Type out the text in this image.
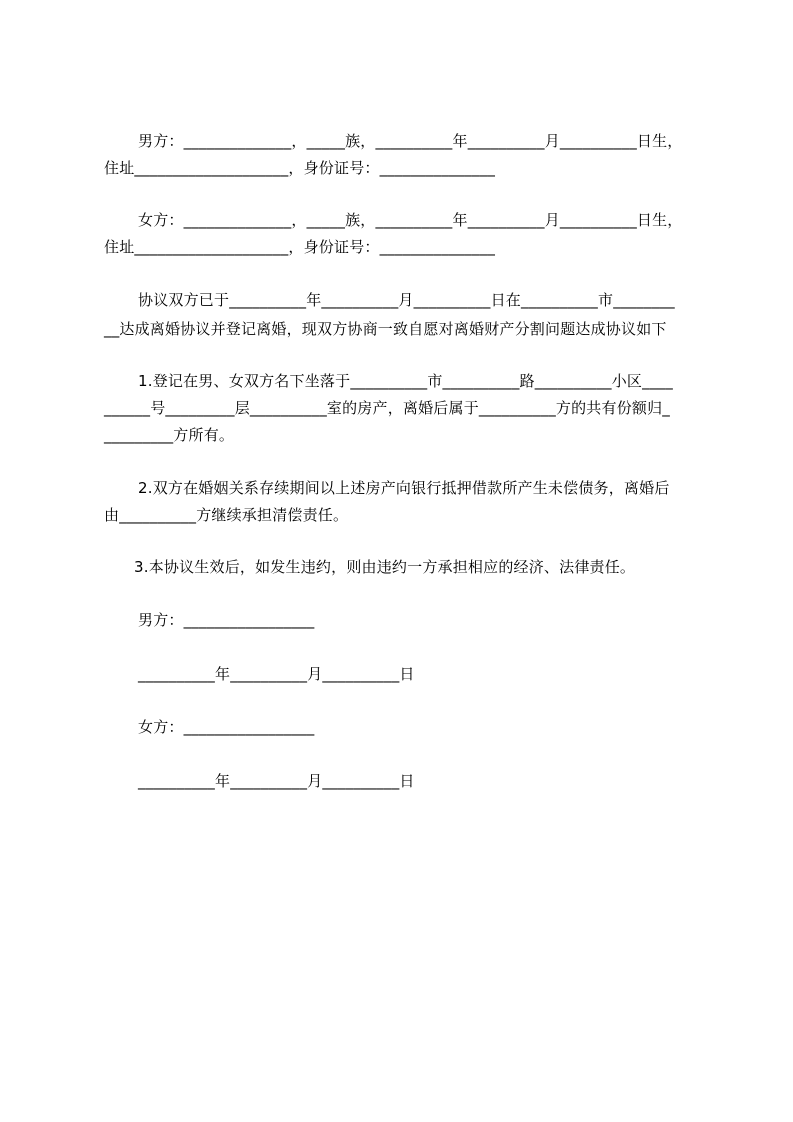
男方：______________，_____族，__________年__________月__________日生，
住址____________________，身份证号：_______________
女方：______________，_____族，__________年__________月__________日生，
住址____________________，身份证号：_______________
协议双方已于__________年__________月__________日在__________市________
__达成离婚协议并登记离婚，现双方协商一致自愿对离婚财产分割问题达成协议如下
1.登记在男、女双方名下坐落于__________市__________路__________小区____
______号_________层__________室的房产，离婚后属于__________方的共有份额归_
_________方所有。
2.双方在婚姻关系存续期间以上述房产向银行抵押借款所产生未偿债务，离婚后
由__________方继续承担清偿责任。
3.本协议生效后，如发生违约，则由违约一方承担相应的经济、法律责任。
男方：_________________
__________年__________月__________日
女方：_________________
__________年__________月__________日
